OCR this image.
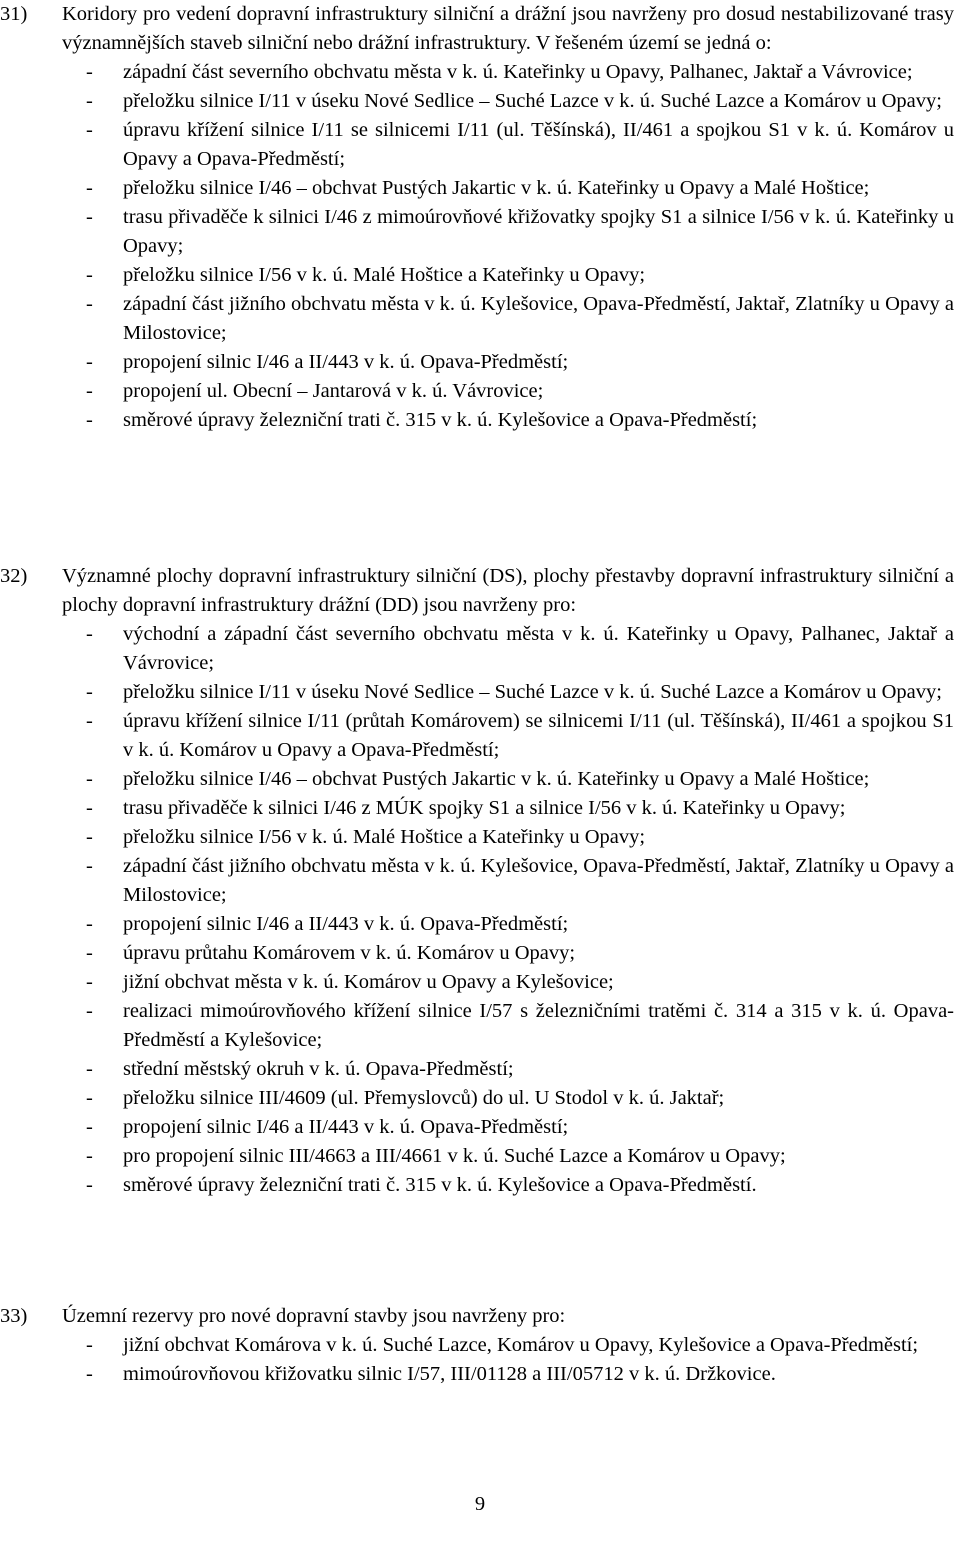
31) Koridory pro vedení dopravní infrastruktury silniční a drážní jsou navrženy pro dosud nestabilizované trasy významnějších staveb silniční nebo drážní infrastruktury. V řešeném území se jedná o:

- západní část severního obchvatu města v k. ú. Kateřinky u Opavy, Palhanec, Jaktař a Vávrovice;
- přeložku silnice I/11 v úseku Nové Sedlice – Suché Lazce v k. ú. Suché Lazce a Komárov u Opavy;
- úpravu křížení silnice I/11 se silnicemi I/11 (ul. Těšínská), II/461 a spojkou S1 v k. ú. Komárov u Opavy a Opava-Předměstí;
- přeložku silnice I/46 – obchvat Pustých Jakartic v k. ú. Kateřinky u Opavy a Malé Hoštice;
- trasu přivaděče k silnici I/46 z mimoúrovňové křižovatky spojky S1 a silnice I/56 v k. ú. Kateřinky u Opavy;
- přeložku silnice I/56 v k. ú. Malé Hoštice a Kateřinky u Opavy;
- západní část jižního obchvatu města v k. ú. Kylešovice, Opava-Předměstí, Jaktař, Zlatníky u Opavy a Milostovice;
- propojení silnic I/46 a II/443 v k. ú. Opava-Předměstí;
- propojení ul. Obecní – Jantarová v k. ú. Vávrovice;
- směrové úpravy železniční trati č. 315 v k. ú. Kylešovice a Opava-Předměstí;

32) Významné plochy dopravní infrastruktury silniční (DS), plochy přestavby dopravní infrastruktury silniční a plochy dopravní infrastruktury drážní (DD) jsou navrženy pro:

- východní a západní část severního obchvatu města v k. ú. Kateřinky u Opavy, Palhanec, Jaktař a Vávrovice;
- přeložku silnice I/11 v úseku Nové Sedlice – Suché Lazce v k. ú. Suché Lazce a Komárov u Opavy;
- úpravu křížení silnice I/11 (průtah Komárovem) se silnicemi I/11 (ul. Těšínská), II/461 a spojkou S1 v k. ú. Komárov u Opavy a Opava-Předměstí;
- přeložku silnice I/46 – obchvat Pustých Jakartic v k. ú. Kateřinky u Opavy a Malé Hoštice;
- trasu přivaděče k silnici I/46 z MÚK spojky S1 a silnice I/56 v k. ú. Kateřinky u Opavy;
- přeložku silnice I/56 v k. ú. Malé Hoštice a Kateřinky u Opavy;
- západní část jižního obchvatu města v k. ú. Kylešovice, Opava-Předměstí, Jaktař, Zlatníky u Opavy a Milostovice;
- propojení silnic I/46 a II/443 v k. ú. Opava-Předměstí;
- úpravu průtahu Komárovem v k. ú. Komárov u Opavy;
- jižní obchvat města v k. ú. Komárov u Opavy a Kylešovice;
- realizaci mimoúrovňového křížení silnice I/57 s železničními tratěmi č. 314 a 315 v k. ú. Opava-Předměstí a Kylešovice;
- střední městský okruh v k. ú. Opava-Předměstí;
- přeložku silnice III/4609 (ul. Přemyslovců) do ul. U Stodol v k. ú. Jaktař;
- propojení silnic I/46 a II/443 v k. ú. Opava-Předměstí;
- pro propojení silnic III/4663 a III/4661 v k. ú. Suché Lazce a Komárov u Opavy;
- směrové úpravy železniční trati č. 315 v k. ú. Kylešovice a Opava-Předměstí.

33) Územní rezervy pro nové dopravní stavby jsou navrženy pro:

- jižní obchvat Komárova v k. ú. Suché Lazce, Komárov u Opavy, Kylešovice a Opava-Předměstí;
- mimoúrovňovou křižovatku silnic I/57, III/01128 a III/05712 v k. ú. Držkovice.
9
